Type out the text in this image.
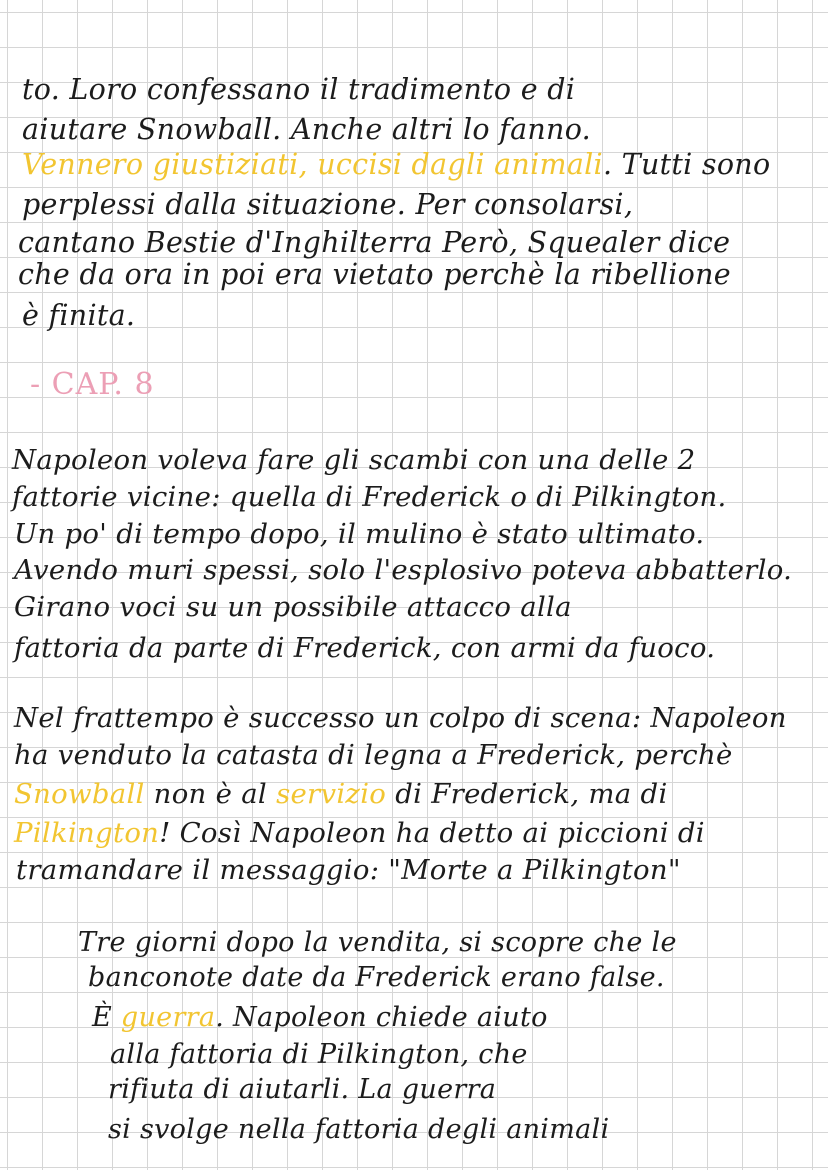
to. Loro confessano il tradimento e di
aiutare Snowball. Anche altri lo fanno.
Vennero giustiziati, uccisi dagli animali. Tutti sono
perplessi dalla situazione. Per consolarsi,
cantano Bestie d'Inghilterra Però, Squealer dice
che da ora in poi era vietato perchè la ribellione
è finita.
- CAP. 8
Napoleon voleva fare gli scambi con una delle 2
fattorie vicine: quella di Frederick o di Pilkington.
Un po' di tempo dopo, il mulino è stato ultimato.
Avendo muri spessi, solo l'esplosivo poteva abbatterlo.
Girano voci su un possibile attacco alla
fattoria da parte di Frederick, con armi da fuoco.
Nel frattempo è successo un colpo di scena: Napoleon
ha venduto la catasta di legna a Frederick, perchè
Snowball non è al servizio di Frederick, ma di
Pilkington! Così Napoleon ha detto ai piccioni di
tramandare il messaggio: "Morte a Pilkington"
Tre giorni dopo la vendita, si scopre che le
banconote date da Frederick erano false.
È guerra. Napoleon chiede aiuto
alla fattoria di Pilkington, che
rifiuta di aiutarli. La guerra
si svolge nella fattoria degli animali
